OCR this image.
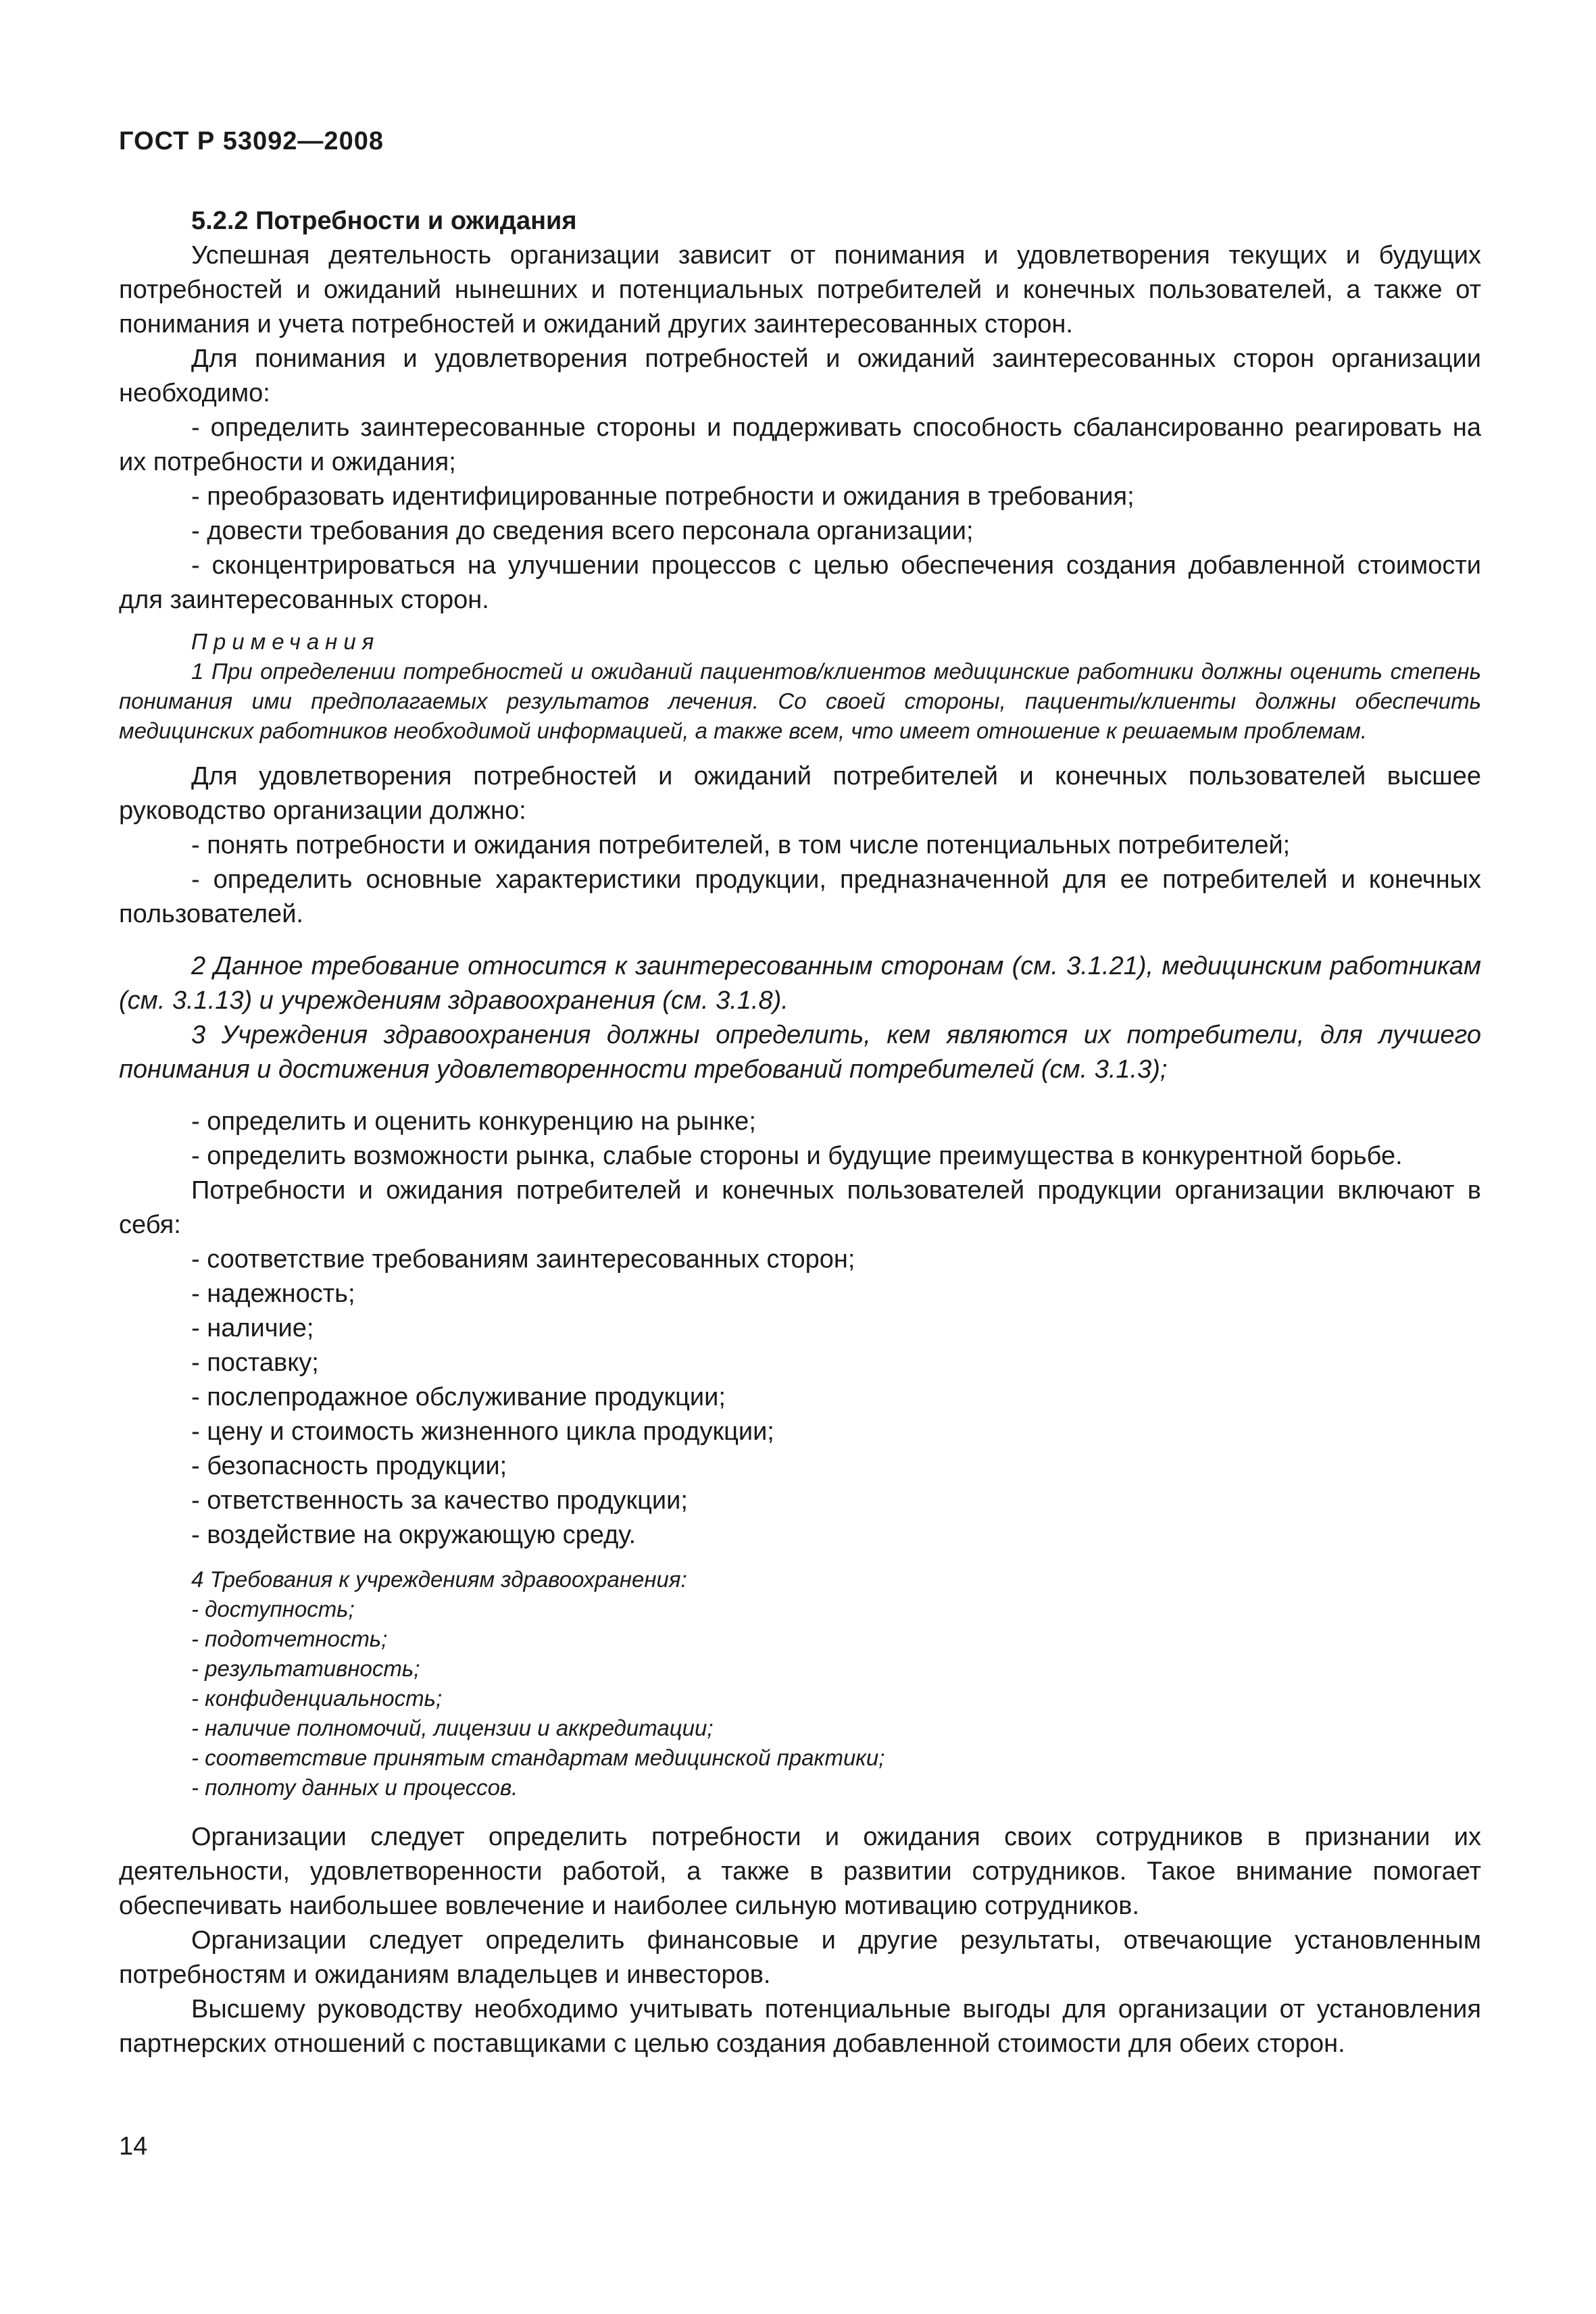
ГОСТ Р 53092—2008

5.2.2 Потребности и ожидания

Успешная деятельность организации зависит от понимания и удовлетворения текущих и будущих потребностей и ожиданий нынешних и потенциальных потребителей и конечных пользователей, а также от понимания и учета потребностей и ожиданий других заинтересованных сторон.

Для понимания и удовлетворения потребностей и ожиданий заинтересованных сторон организации необходимо:

- определить заинтересованные стороны и поддерживать способность сбалансированно реагировать на их потребности и ожидания;

- преобразовать идентифицированные потребности и ожидания в требования;

- довести требования до сведения всего персонала организации;

- сконцентрироваться на улучшении процессов с целью обеспечения создания добавленной стоимости для заинтересованных сторон.

Примечания

1 При определении потребностей и ожиданий пациентов/клиентов медицинские работники должны оценить степень понимания ими предполагаемых результатов лечения. Со своей стороны, пациенты/клиенты должны обеспечить медицинских работников необходимой информацией, а также всем, что имеет отношение к решаемым проблемам.

Для удовлетворения потребностей и ожиданий потребителей и конечных пользователей высшее руководство организации должно:

- понять потребности и ожидания потребителей, в том числе потенциальных потребителей;

- определить основные характеристики продукции, предназначенной для ее потребителей и конечных пользователей.

2 Данное требование относится к заинтересованным сторонам (см. 3.1.21), медицинским работникам (см. 3.1.13) и учреждениям здравоохранения (см. 3.1.8).

3 Учреждения здравоохранения должны определить, кем являются их потребители, для лучшего понимания и достижения удовлетворенности требований потребителей (см. 3.1.3);

- определить и оценить конкуренцию на рынке;

- определить возможности рынка, слабые стороны и будущие преимущества в конкурентной борьбе.

Потребности и ожидания потребителей и конечных пользователей продукции организации включают в себя:

- соответствие требованиям заинтересованных сторон;

- надежность;

- наличие;

- поставку;

- послепродажное обслуживание продукции;

- цену и стоимость жизненного цикла продукции;

- безопасность продукции;

- ответственность за качество продукции;

- воздействие на окружающую среду.

4 Требования к учреждениям здравоохранения:

- доступность;

- подотчетность;

- результативность;

- конфиденциальность;

- наличие полномочий, лицензии и аккредитации;

- соответствие принятым стандартам медицинской практики;

- полноту данных и процессов.

Организации следует определить потребности и ожидания своих сотрудников в признании их деятельности, удовлетворенности работой, а также в развитии сотрудников. Такое внимание помогает обеспечивать наибольшее вовлечение и наиболее сильную мотивацию сотрудников.

Организации следует определить финансовые и другие результаты, отвечающие установленным потребностям и ожиданиям владельцев и инвесторов.

Высшему руководству необходимо учитывать потенциальные выгоды для организации от установления партнерских отношений с поставщиками с целью создания добавленной стоимости для обеих сторон.

14
